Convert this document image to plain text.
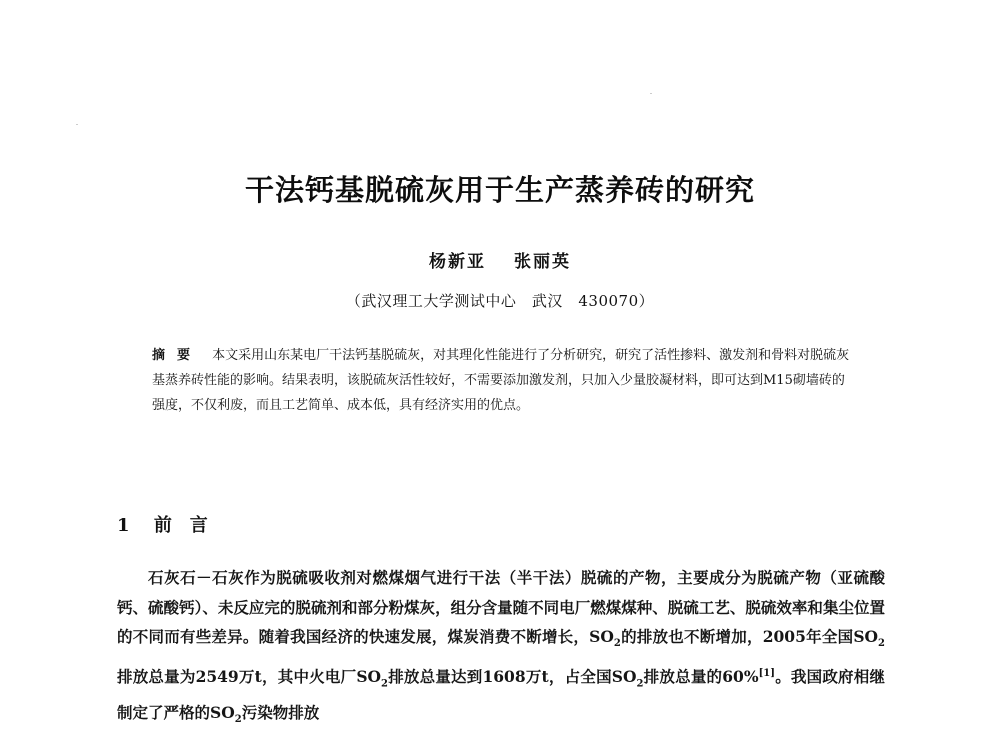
干法钙基脱硫灰用于生产蒸养砖的研究
杨新亚 张丽英
（武汉理工大学测试中心　武汉　430070）
摘要 本文采用山东某电厂干法钙基脱硫灰，对其理化性能进行了分析研究，研究了活性掺料、激发剂和骨料对脱硫灰基蒸养砖性能的影响。结果表明，该脱硫灰活性较好，不需要添加激发剂，只加入少量胶凝材料，即可达到M15砌墙砖的强度，不仅利废，而且工艺简单、成本低，具有经济实用的优点。
1 前言
石灰石－石灰作为脱硫吸收剂对燃煤烟气进行干法（半干法）脱硫的产物，主要成分为脱硫产物（亚硫酸钙、硫酸钙）、未反应完的脱硫剂和部分粉煤灰，组分含量随不同电厂燃煤煤种、脱硫工艺、脱硫效率和集尘位置的不同而有些差异。随着我国经济的快速发展，煤炭消费不断增长，$SO_2$的排放也不断增加，2005年全国$SO_2$排放总量为2549万t，其中火电厂$SO_2$排放总量达到1608万t，占全国$SO_2$排放总量的60%[1]。我国政府相继制定了严格的$SO_2$污染物排放
